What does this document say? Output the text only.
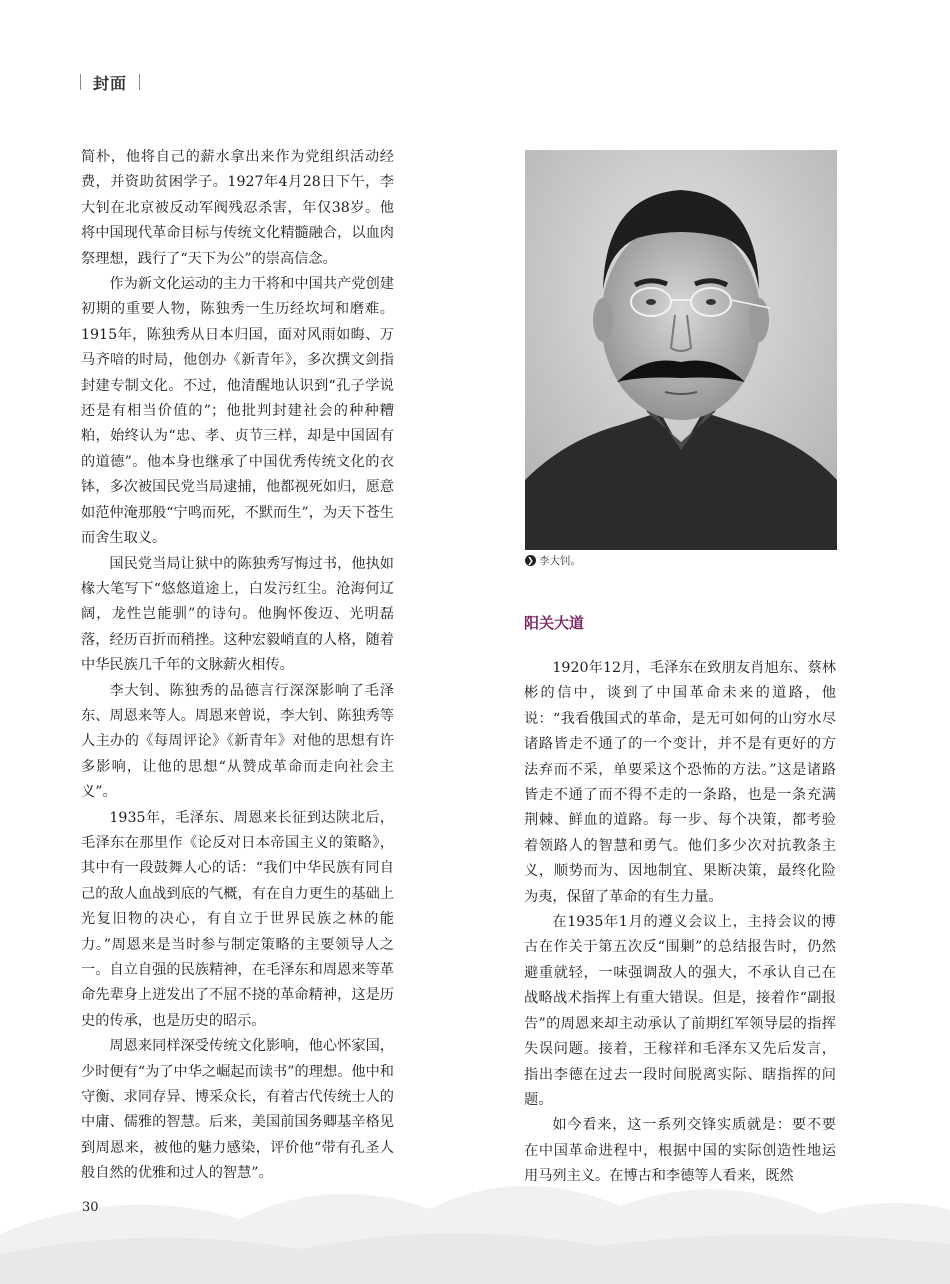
封面

简朴，他将自己的薪水拿出来作为党组织活动经费，并资助贫困学子。1927年4月28日下午，李大钊在北京被反动军阀残忍杀害，年仅38岁。他将中国现代革命目标与传统文化精髓融合，以血肉祭理想，践行了“天下为公”的崇高信念。

作为新文化运动的主力干将和中国共产党创建初期的重要人物，陈独秀一生历经坎坷和磨难。1915年，陈独秀从日本归国，面对风雨如晦、万马齐喑的时局，他创办《新青年》，多次撰文剑指封建专制文化。不过，他清醒地认识到“孔子学说还是有相当价值的”；他批判封建社会的种种糟粕，始终认为“忠、孝、贞节三样，却是中国固有的道德”。他本身也继承了中国优秀传统文化的衣钵，多次被国民党当局逮捕，他都视死如归，愿意如范仲淹那般“宁鸣而死，不默而生”，为天下苍生而舍生取义。

国民党当局让狱中的陈独秀写悔过书，他执如椽大笔写下“悠悠道途上，白发污红尘。沧海何辽阔，龙性岂能驯”的诗句。他胸怀俊迈、光明磊落，经历百折而稍挫。这种宏毅峭直的人格，随着中华民族几千年的文脉薪火相传。

李大钊、陈独秀的品德言行深深影响了毛泽东、周恩来等人。周恩来曾说，李大钊、陈独秀等人主办的《每周评论》《新青年》对他的思想有许多影响，让他的思想“从赞成革命而走向社会主义”。

1935年，毛泽东、周恩来长征到达陕北后，毛泽东在那里作《论反对日本帝国主义的策略》，其中有一段鼓舞人心的话：“我们中华民族有同自己的敌人血战到底的气概，有在自力更生的基础上光复旧物的决心，有自立于世界民族之林的能力。”周恩来是当时参与制定策略的主要领导人之一。自立自强的民族精神，在毛泽东和周恩来等革命先辈身上迸发出了不屈不挠的革命精神，这是历史的传承，也是历史的昭示。

周恩来同样深受传统文化影响，他心怀家国，少时便有“为了中华之崛起而读书”的理想。他中和守衡、求同存异、博采众长，有着古代传统士人的中庸、儒雅的智慧。后来，美国前国务卿基辛格见到周恩来，被他的魅力感染，评价他“带有孔圣人般自然的优雅和过人的智慧”。

❯ 李大钊。
阳关大道

1920年12月，毛泽东在致朋友肖旭东、蔡林彬的信中，谈到了中国革命未来的道路，他说：“我看俄国式的革命，是无可如何的山穷水尽诸路皆走不通了的一个变计，并不是有更好的方法弃而不采，单要采这个恐怖的方法。”这是诸路皆走不通了而不得不走的一条路，也是一条充满荆棘、鲜血的道路。每一步、每个决策，都考验着领路人的智慧和勇气。他们多少次对抗教条主义，顺势而为、因地制宜、果断决策，最终化险为夷，保留了革命的有生力量。

在1935年1月的遵义会议上，主持会议的博古在作关于第五次反“围剿”的总结报告时，仍然避重就轻，一味强调敌人的强大，不承认自己在战略战术指挥上有重大错误。但是，接着作“副报告”的周恩来却主动承认了前期红军领导层的指挥失误问题。接着，王稼祥和毛泽东又先后发言，指出李德在过去一段时间脱离实际、瞎指挥的问题。

如今看来，这一系列交锋实质就是：要不要在中国革命进程中，根据中国的实际创造性地运用马列主义。在博古和李德等人看来，既然

30
